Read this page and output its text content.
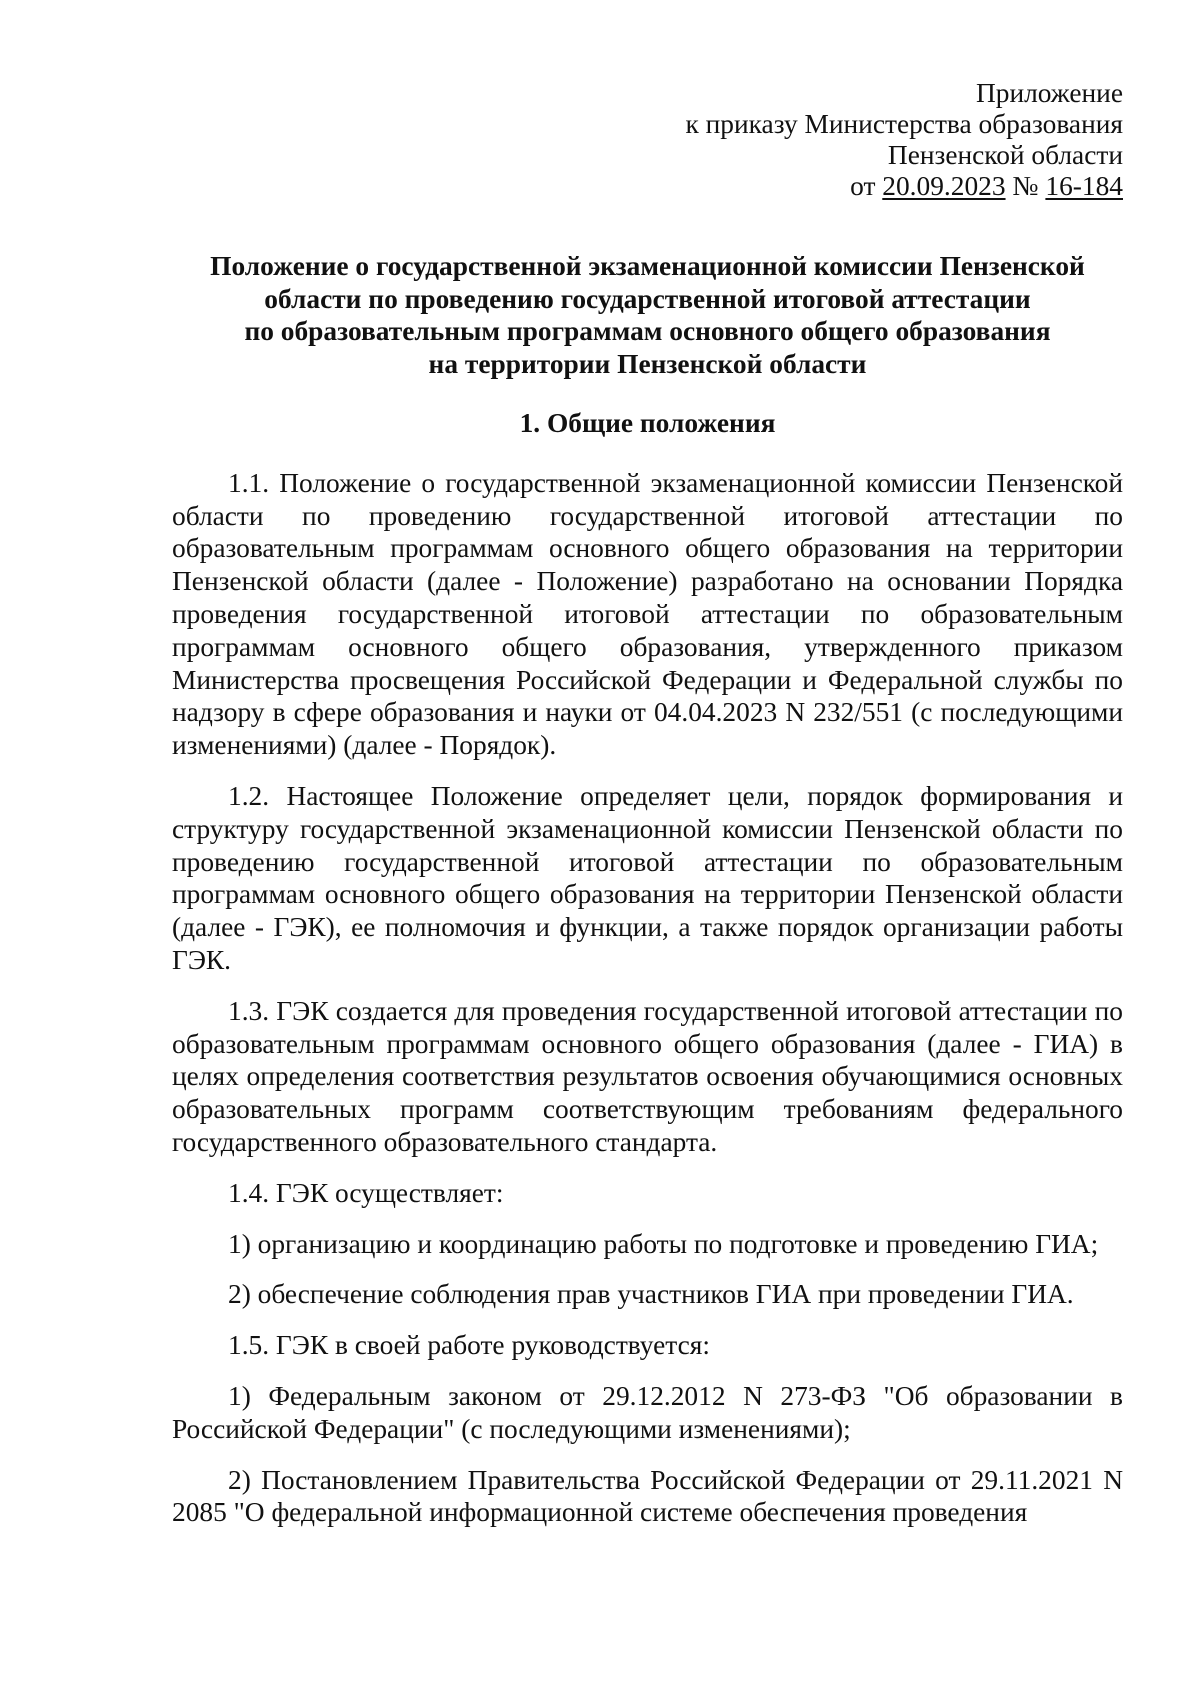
Приложение
к приказу Министерства образования
Пензенской области
от 20.09.2023 № 16-184
Положение о государственной экзаменационной комиссии Пензенской
области по проведению государственной итоговой аттестации
по образовательным программам основного общего образования
на территории Пензенской области
1. Общие положения

1.1. Положение о государственной экзаменационной комиссии Пензенской области по проведению государственной итоговой аттестации по образовательным программам основного общего образования на территории Пензенской области (далее - Положение) разработано на основании Порядка проведения государственной итоговой аттестации по образовательным программам основного общего образования, утвержденного приказом Министерства просвещения Российской Федерации и Федеральной службы по надзору в сфере образования и науки от 04.04.2023 N 232/551 (с последующими изменениями) (далее - Порядок).

1.2. Настоящее Положение определяет цели, порядок формирования и структуру государственной экзаменационной комиссии Пензенской области по проведению государственной итоговой аттестации по образовательным программам основного общего образования на территории Пензенской области (далее - ГЭК), ее полномочия и функции, а также порядок организации работы ГЭК.

1.3. ГЭК создается для проведения государственной итоговой аттестации по образовательным программам основного общего образования (далее - ГИА) в целях определения соответствия результатов освоения обучающимися основных образовательных программ соответствующим требованиям федерального государственного образовательного стандарта.

1.4. ГЭК осуществляет:

1) организацию и координацию работы по подготовке и проведению ГИА;

2) обеспечение соблюдения прав участников ГИА при проведении ГИА.

1.5. ГЭК в своей работе руководствуется:

1) Федеральным законом от 29.12.2012 N 273-ФЗ "Об образовании в Российской Федерации" (с последующими изменениями);

2) Постановлением Правительства Российской Федерации от 29.11.2021 N 2085 "О федеральной информационной системе обеспечения проведения
